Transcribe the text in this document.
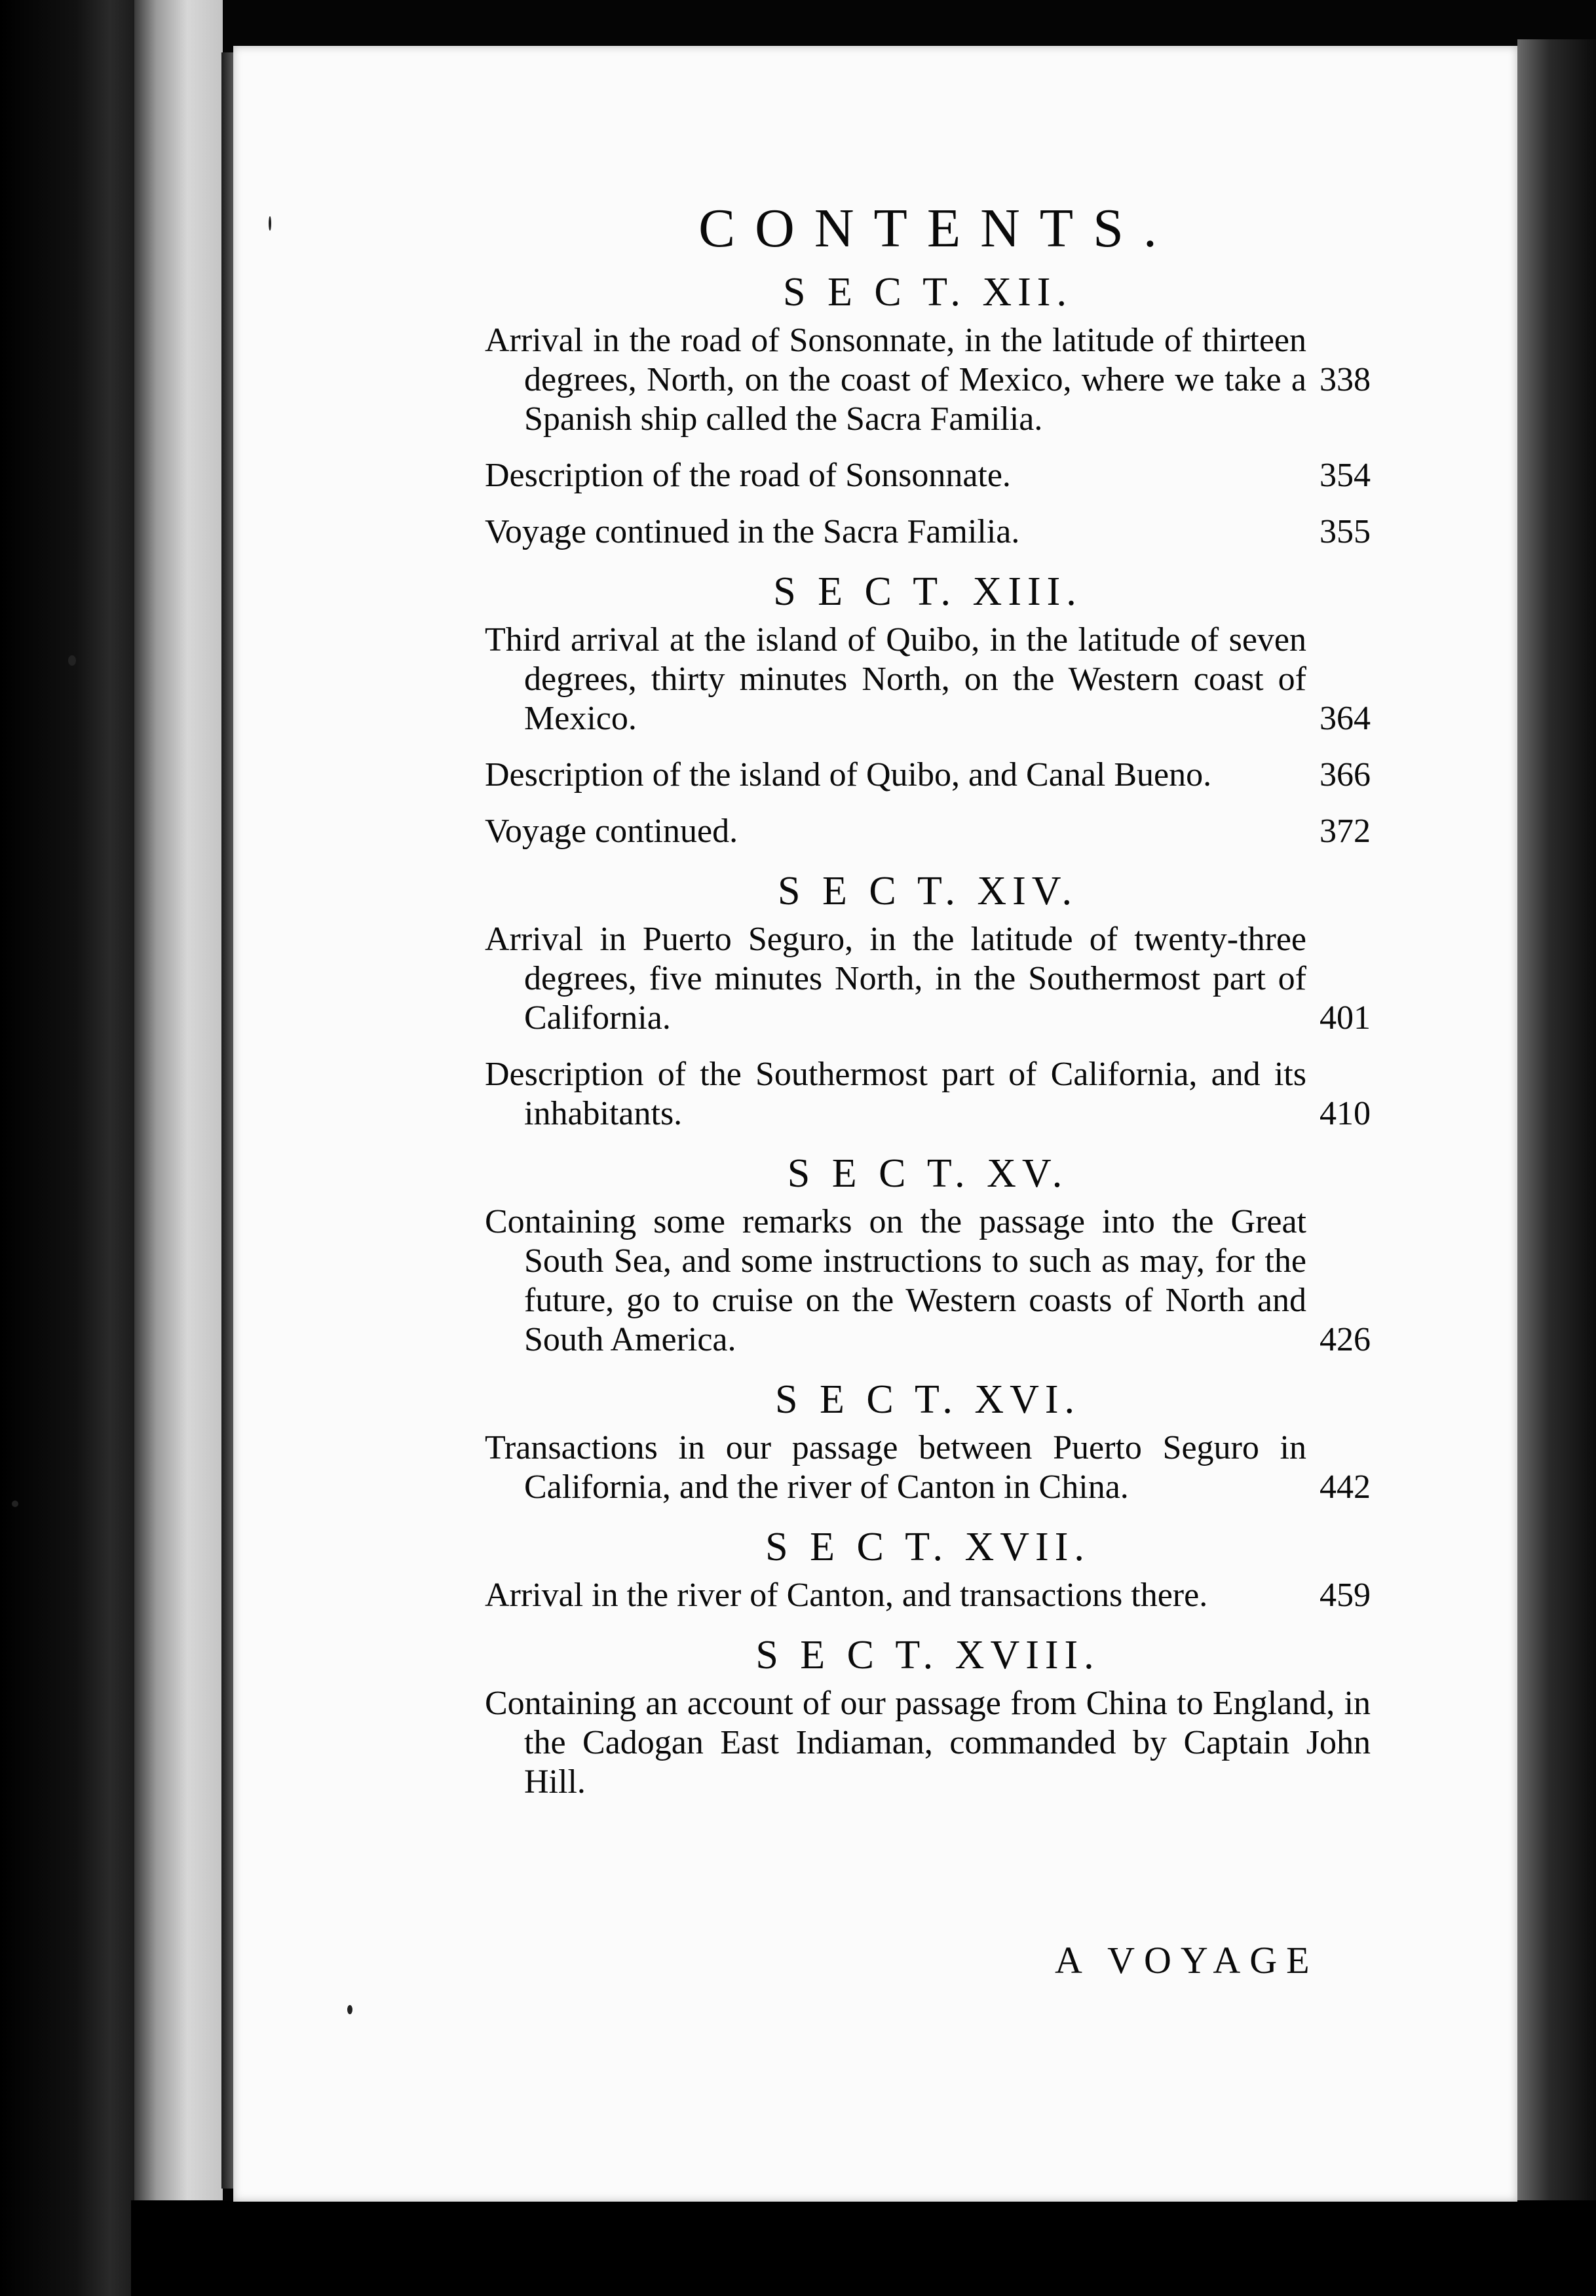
CONTENTS.
S E C T. XII.

338
Arrival in the road of Sonsonnate, in the latitude of thirteen degrees, North, on the coast of Mexico, where we take a Spanish ship called the Sacra Familia.

354
Description of the road of Sonsonnate.

355
Voyage continued in the Sacra Familia.

S E C T. XIII.

364
Third arrival at the island of Quibo, in the latitude of seven degrees, thirty minutes North, on the Western coast of Mexico.

366
Description of the island of Quibo, and Canal Bueno.

372
Voyage continued.

S E C T. XIV.

401
Arrival in Puerto Seguro, in the latitude of twenty-three degrees, five minutes North, in the Southermost part of California.

410
Description of the Southermost part of California, and its inhabitants.

S E C T. XV.

426
Containing some remarks on the passage into the Great South Sea, and some instructions to such as may, for the future, go to cruise on the Western coasts of North and South America.

S E C T. XVI.

442
Transactions in our passage between Puerto Seguro in California, and the river of Canton in China.

S E C T. XVII.

459
Arrival in the river of Canton, and transactions there.

S E C T. XVIII.

Containing an account of our passage from China to England, in the Cadogan East Indiaman, commanded by Captain John Hill.

A VOYAGE
